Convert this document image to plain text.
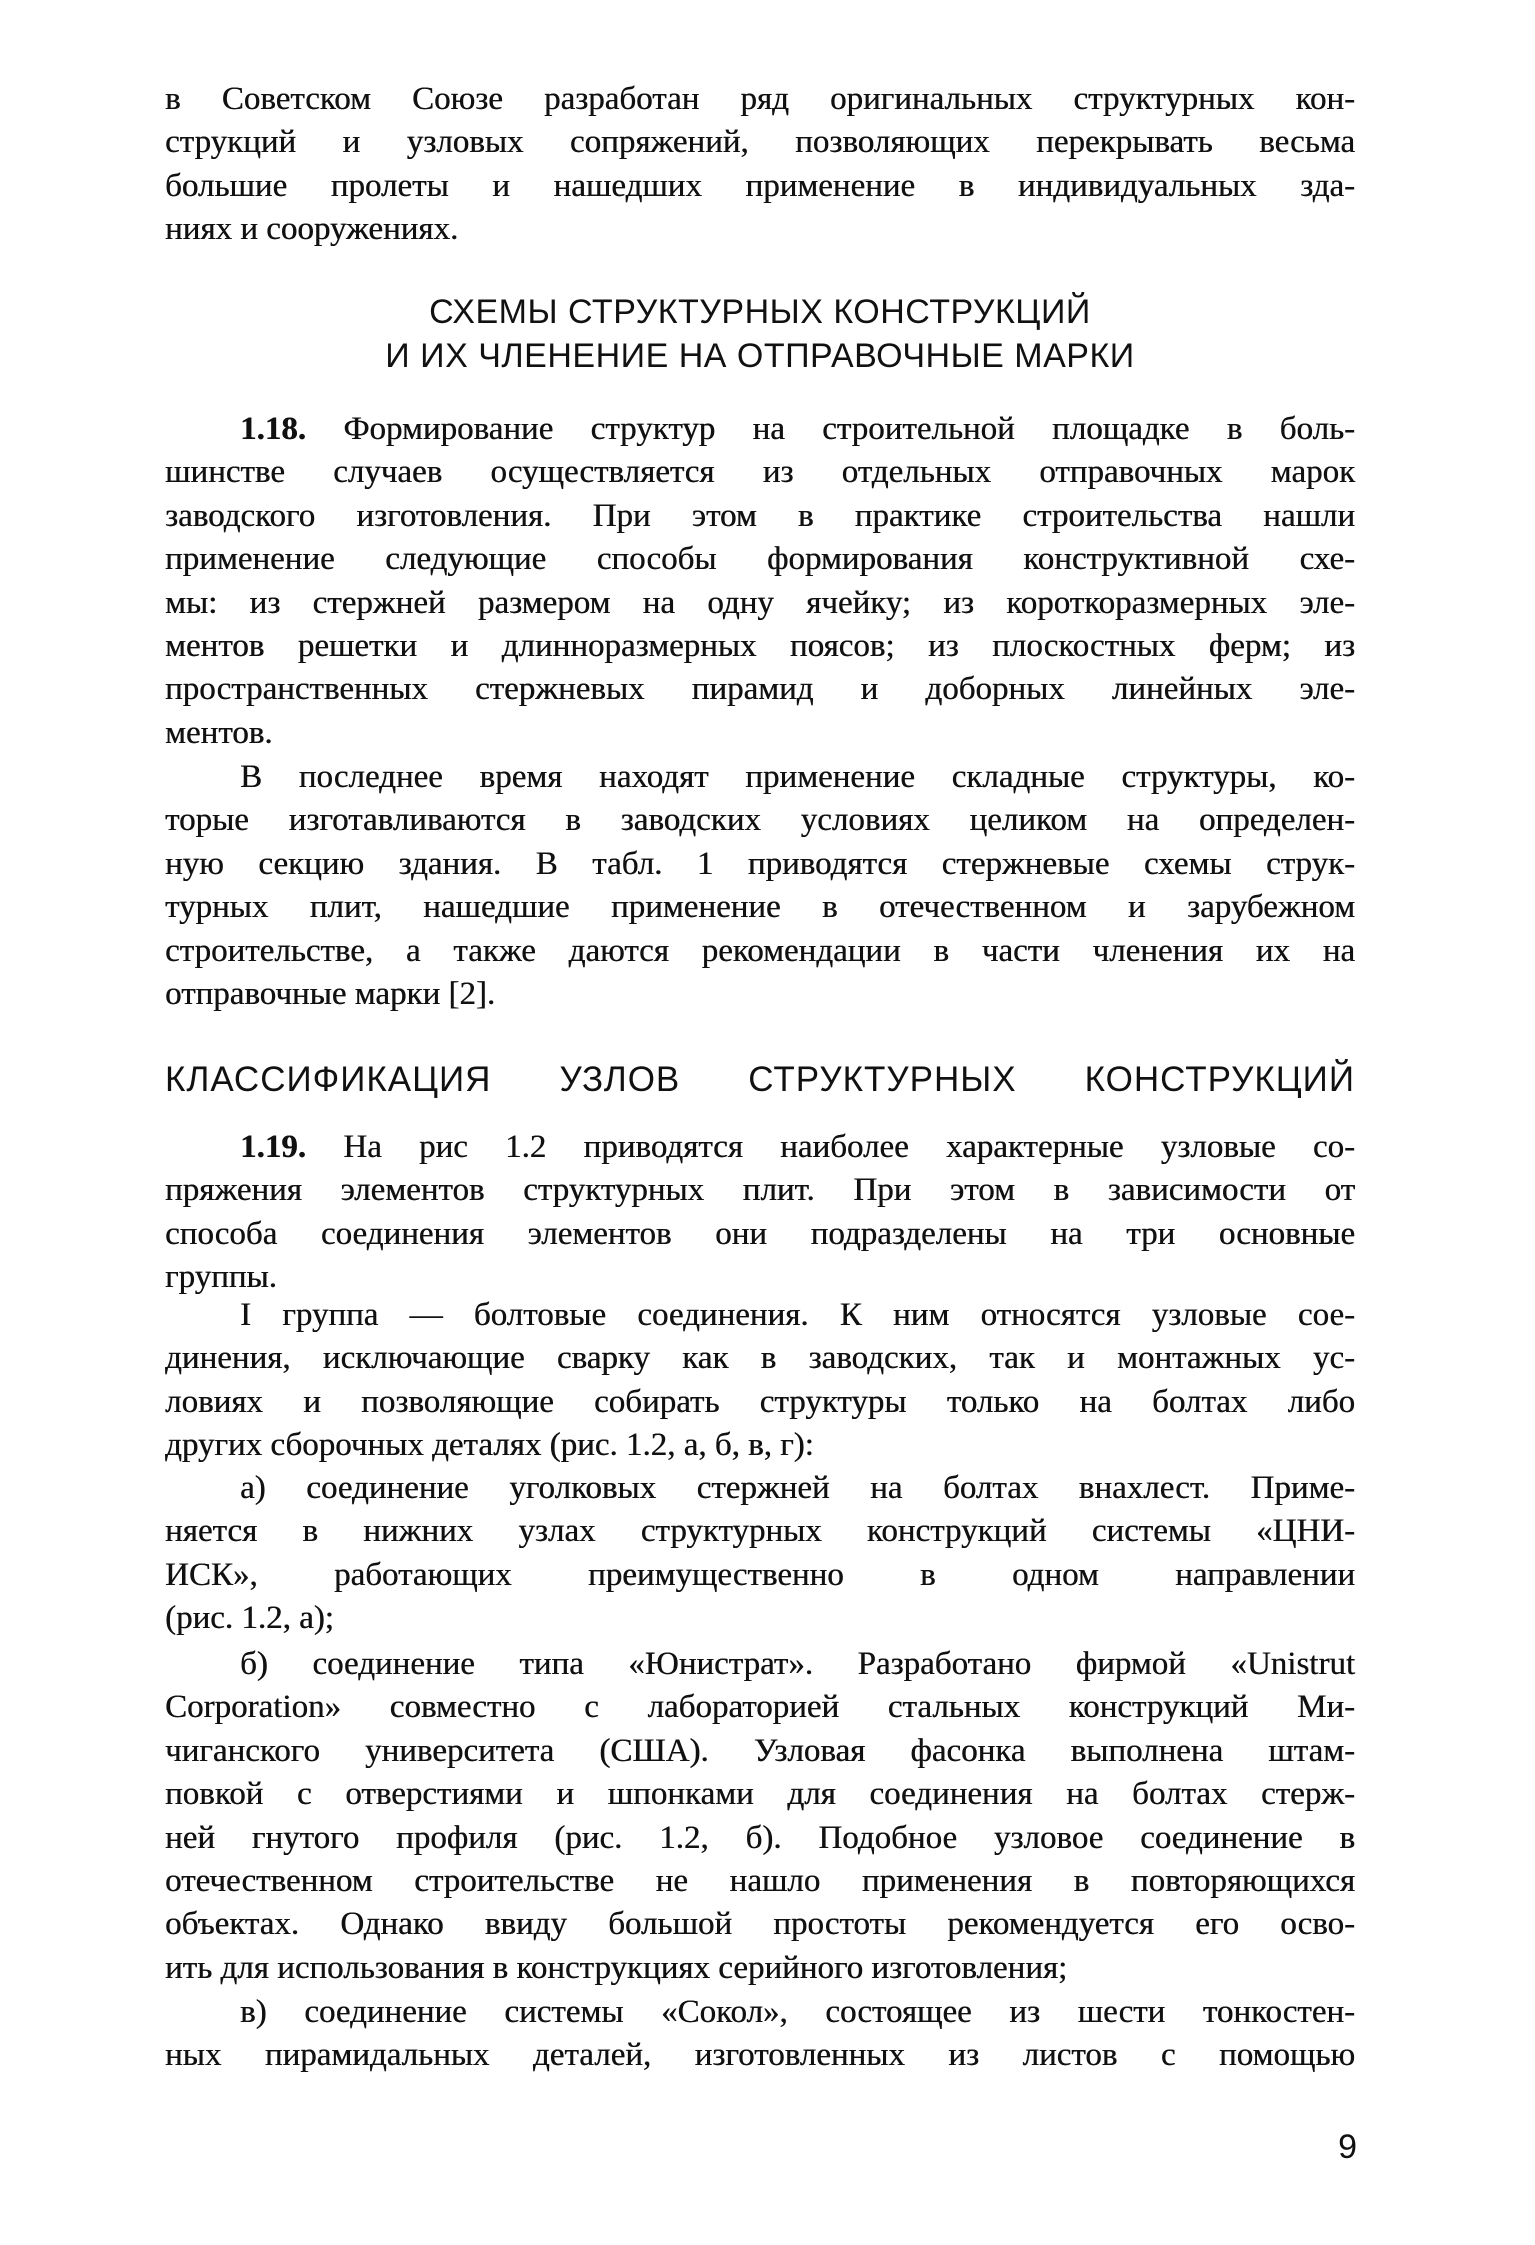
в Советском Союзе разработан ряд оригинальных структурных кон-
струкций и узловых сопряжений, позволяющих перекрывать весьма
большие пролеты и нашедших применение в индивидуальных зда-
ниях и сооружениях.
СХЕМЫ СТРУКТУРНЫХ КОНСТРУКЦИЙ
И ИХ ЧЛЕНЕНИЕ НА ОТПРАВОЧНЫЕ МАРКИ
1.18. Формирование структур на строительной площадке в боль-
шинстве случаев осуществляется из отдельных отправочных марок
заводского изготовления. При этом в практике строительства нашли
применение следующие способы формирования конструктивной схе-
мы: из стержней размером на одну ячейку; из короткоразмерных эле-
ментов решетки и длинноразмерных поясов; из плоскостных ферм; из
пространственных стержневых пирамид и доборных линейных эле-
ментов.
В последнее время находят применение складные структуры, ко-
торые изготавливаются в заводских условиях целиком на определен-
ную секцию здания. В табл. 1 приводятся стержневые схемы струк-
турных плит, нашедшие применение в отечественном и зарубежном
строительстве, а также даются рекомендации в части членения их на
отправочные марки [2].
КЛАССИФИКАЦИЯ УЗЛОВ СТРУКТУРНЫХ КОНСТРУКЦИЙ
1.19. На рис 1.2 приводятся наиболее характерные узловые со-
пряжения элементов структурных плит. При этом в зависимости от
способа соединения элементов они подразделены на три основные
группы.
I группа — болтовые соединения. К ним относятся узловые сое-
динения, исключающие сварку как в заводских, так и монтажных ус-
ловиях и позволяющие собирать структуры только на болтах либо
других сборочных деталях (рис. 1.2, а, б, в, г):
а) соединение уголковых стержней на болтах внахлест. Приме-
няется в нижних узлах структурных конструкций системы «ЦНИ-
ИСК», работающих преимущественно в одном направлении
(рис. 1.2, а);
б) соединение типа «Юнистрат». Разработано фирмой «Unistrut
Corporation» совместно с лабораторией стальных конструкций Ми-
чиганского университета (США). Узловая фасонка выполнена штам-
повкой с отверстиями и шпонками для соединения на болтах стерж-
ней гнутого профиля (рис. 1.2, б). Подобное узловое соединение в
отечественном строительстве не нашло применения в повторяющихся
объектах. Однако ввиду большой простоты рекомендуется его осво-
ить для использования в конструкциях серийного изготовления;
в) соединение системы «Сокол», состоящее из шести тонкостен-
ных пирамидальных деталей, изготовленных из листов с помощью
9
